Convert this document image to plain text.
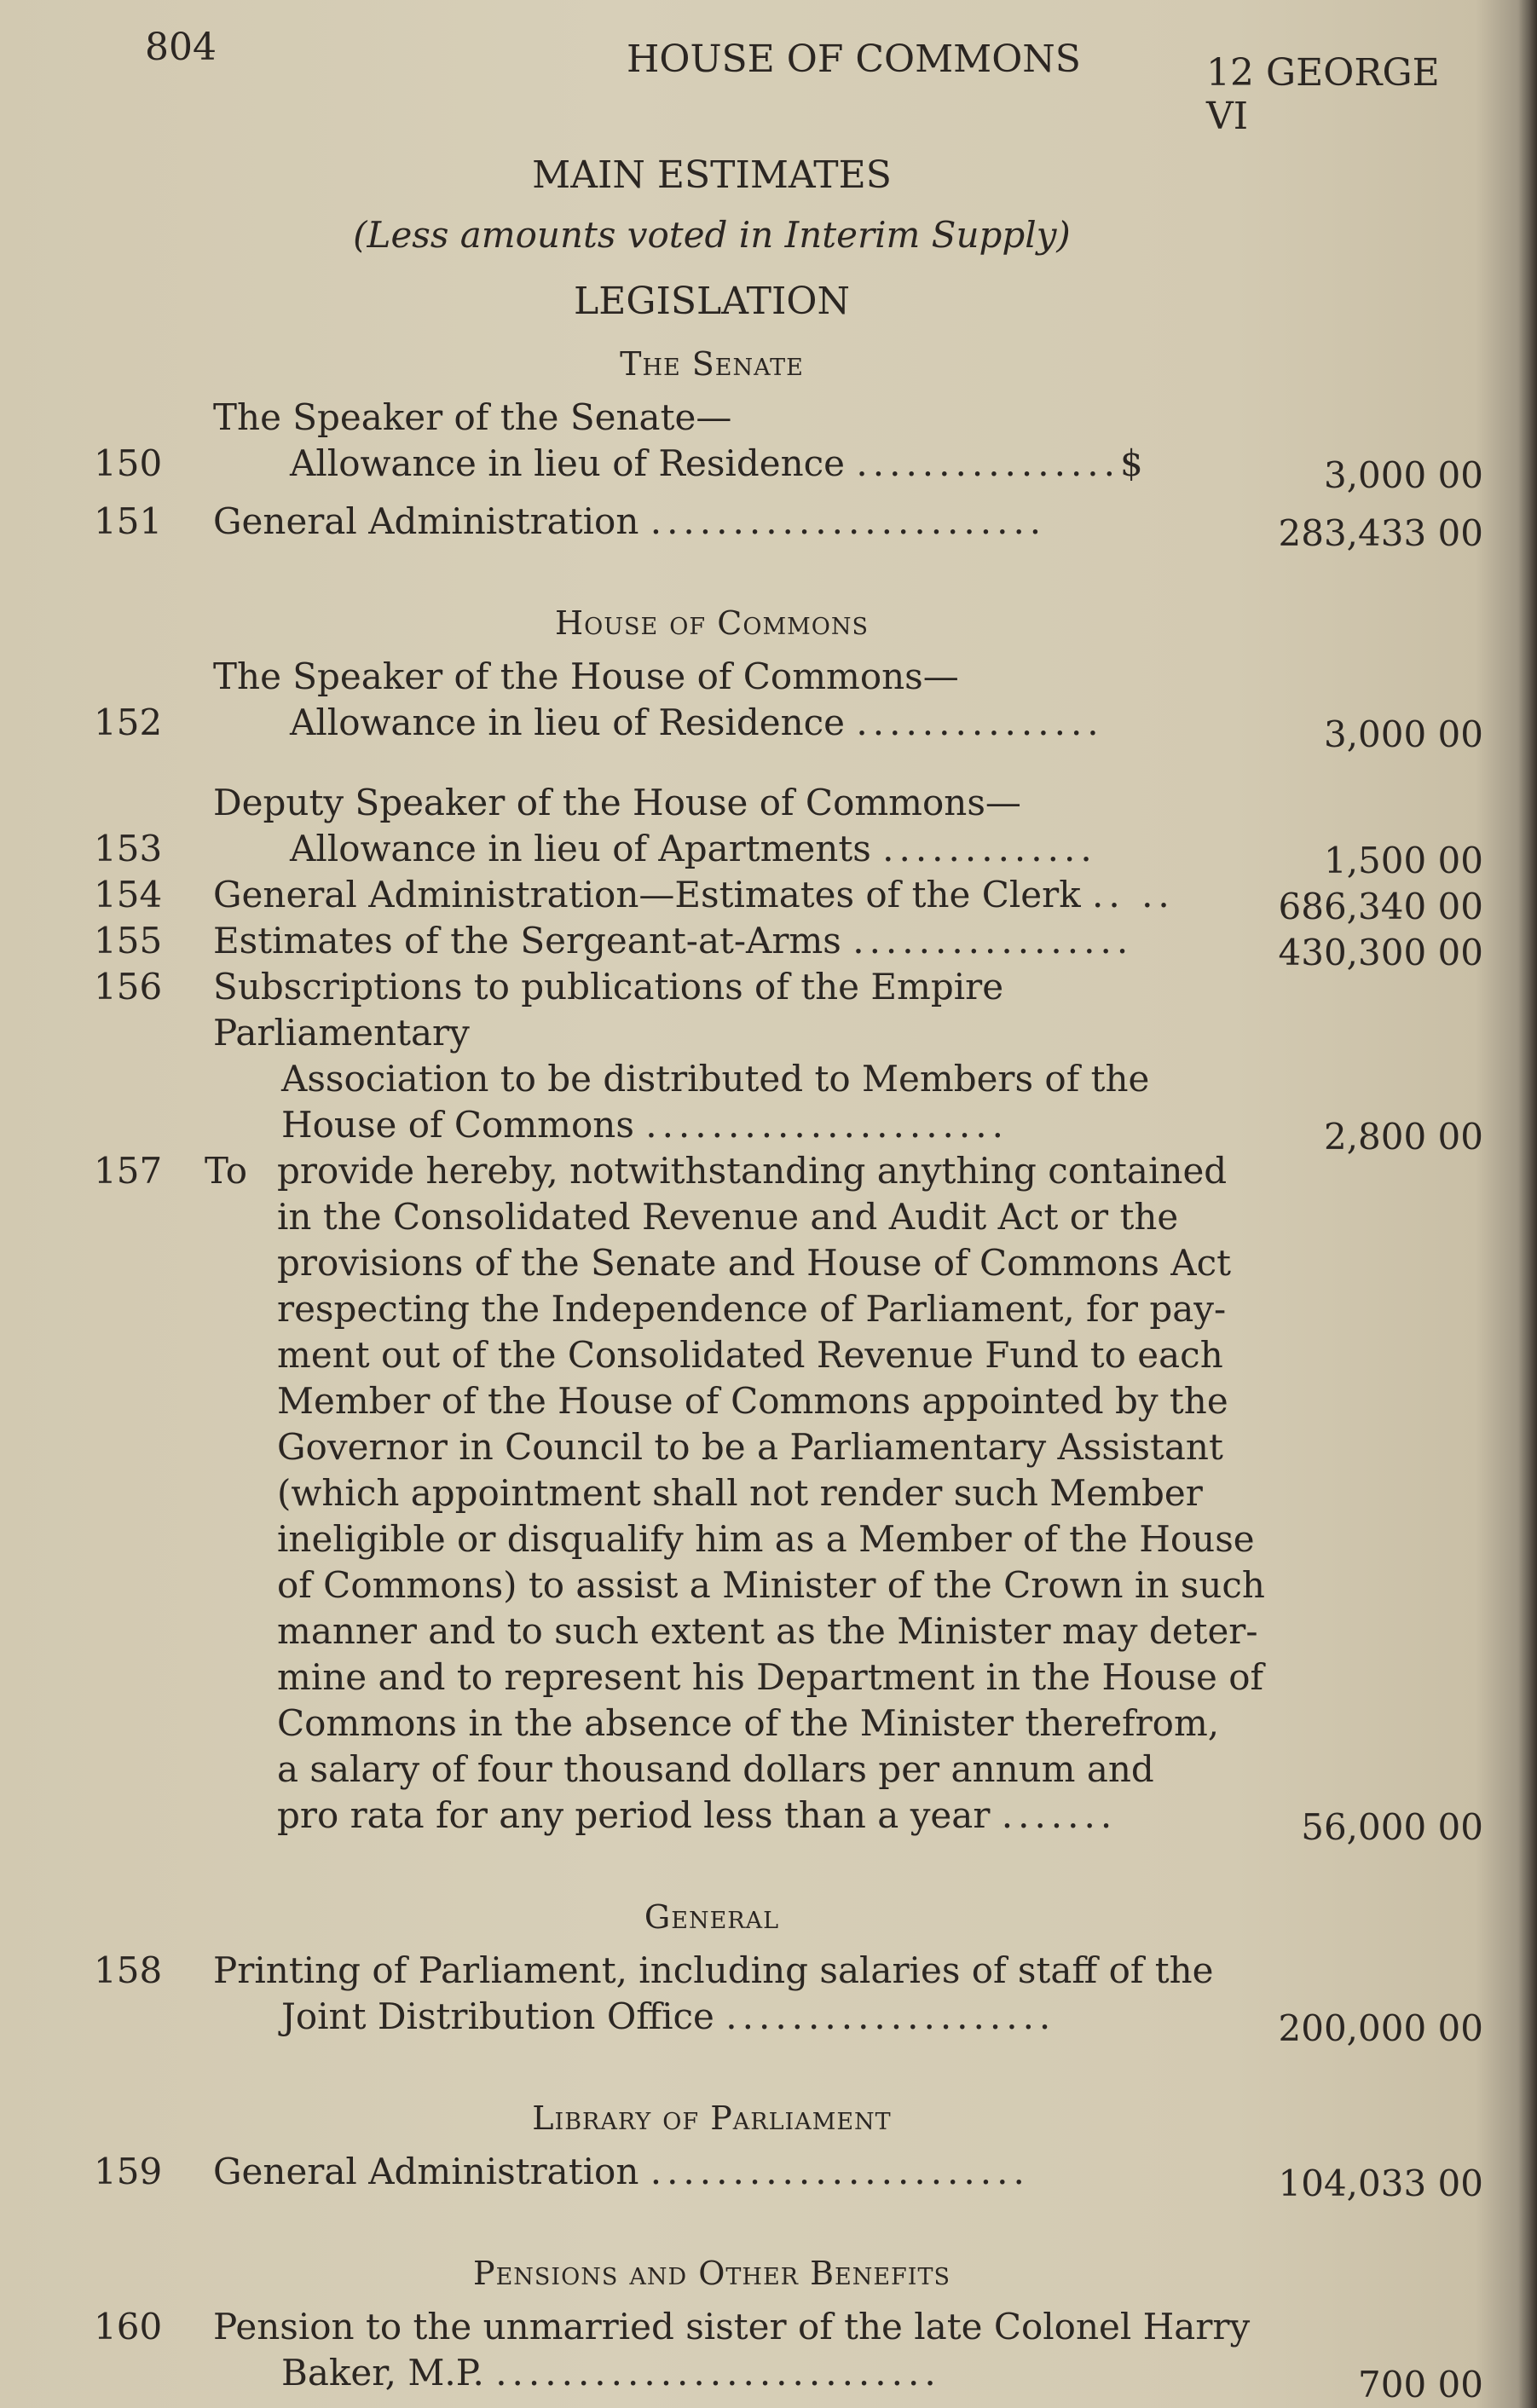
804	HOUSE OF COMMONS	12 GEORGE VI
MAIN ESTIMATES
(Less amounts voted in Interim Supply)
LEGISLATION
The Senate
The Speaker of the Senate—
150	Allowance in lieu of Residence ................$	3,000 00
151 General Administration ........................	283,433 00
House of Commons
The Speaker of the House of Commons—
152	Allowance in lieu of Residence ...............	3,000 00
Deputy Speaker of the House of Commons—
153	Allowance in lieu of Apartments .............	1,500 00
154 General Administration—Estimates of the Clerk .. ..	686,340 00
155 Estimates of the Sergeant-at-Arms .................	430,300 00
156 Subscriptions to publications of the Empire Parliamentary
Association to be distributed to Members of the
House of Commons ......................	2,800 00
157 To provide hereby, notwithstanding anything contained
in the Consolidated Revenue and Audit Act or the
provisions of the Senate and House of Commons Act
respecting the Independence of Parliament, for pay-
ment out of the Consolidated Revenue Fund to each
Member of the House of Commons appointed by the
Governor in Council to be a Parliamentary Assistant
(which appointment shall not render such Member
ineligible or disqualify him as a Member of the House
of Commons) to assist a Minister of the Crown in such
manner and to such extent as the Minister may deter-
mine and to represent his Department in the House of
Commons in the absence of the Minister therefrom,
a salary of four thousand dollars per annum and
pro rata for any period less than a year .......	56,000 00
General
158 Printing of Parliament, including salaries of staff of the
Joint Distribution Office ....................	200,000 00
Library of Parliament
159 General Administration .......................	104,033 00
Pensions and Other Benefits
160 Pension to the unmarried sister of the late Colonel Harry
Baker, M.P. ...........................	700 00
